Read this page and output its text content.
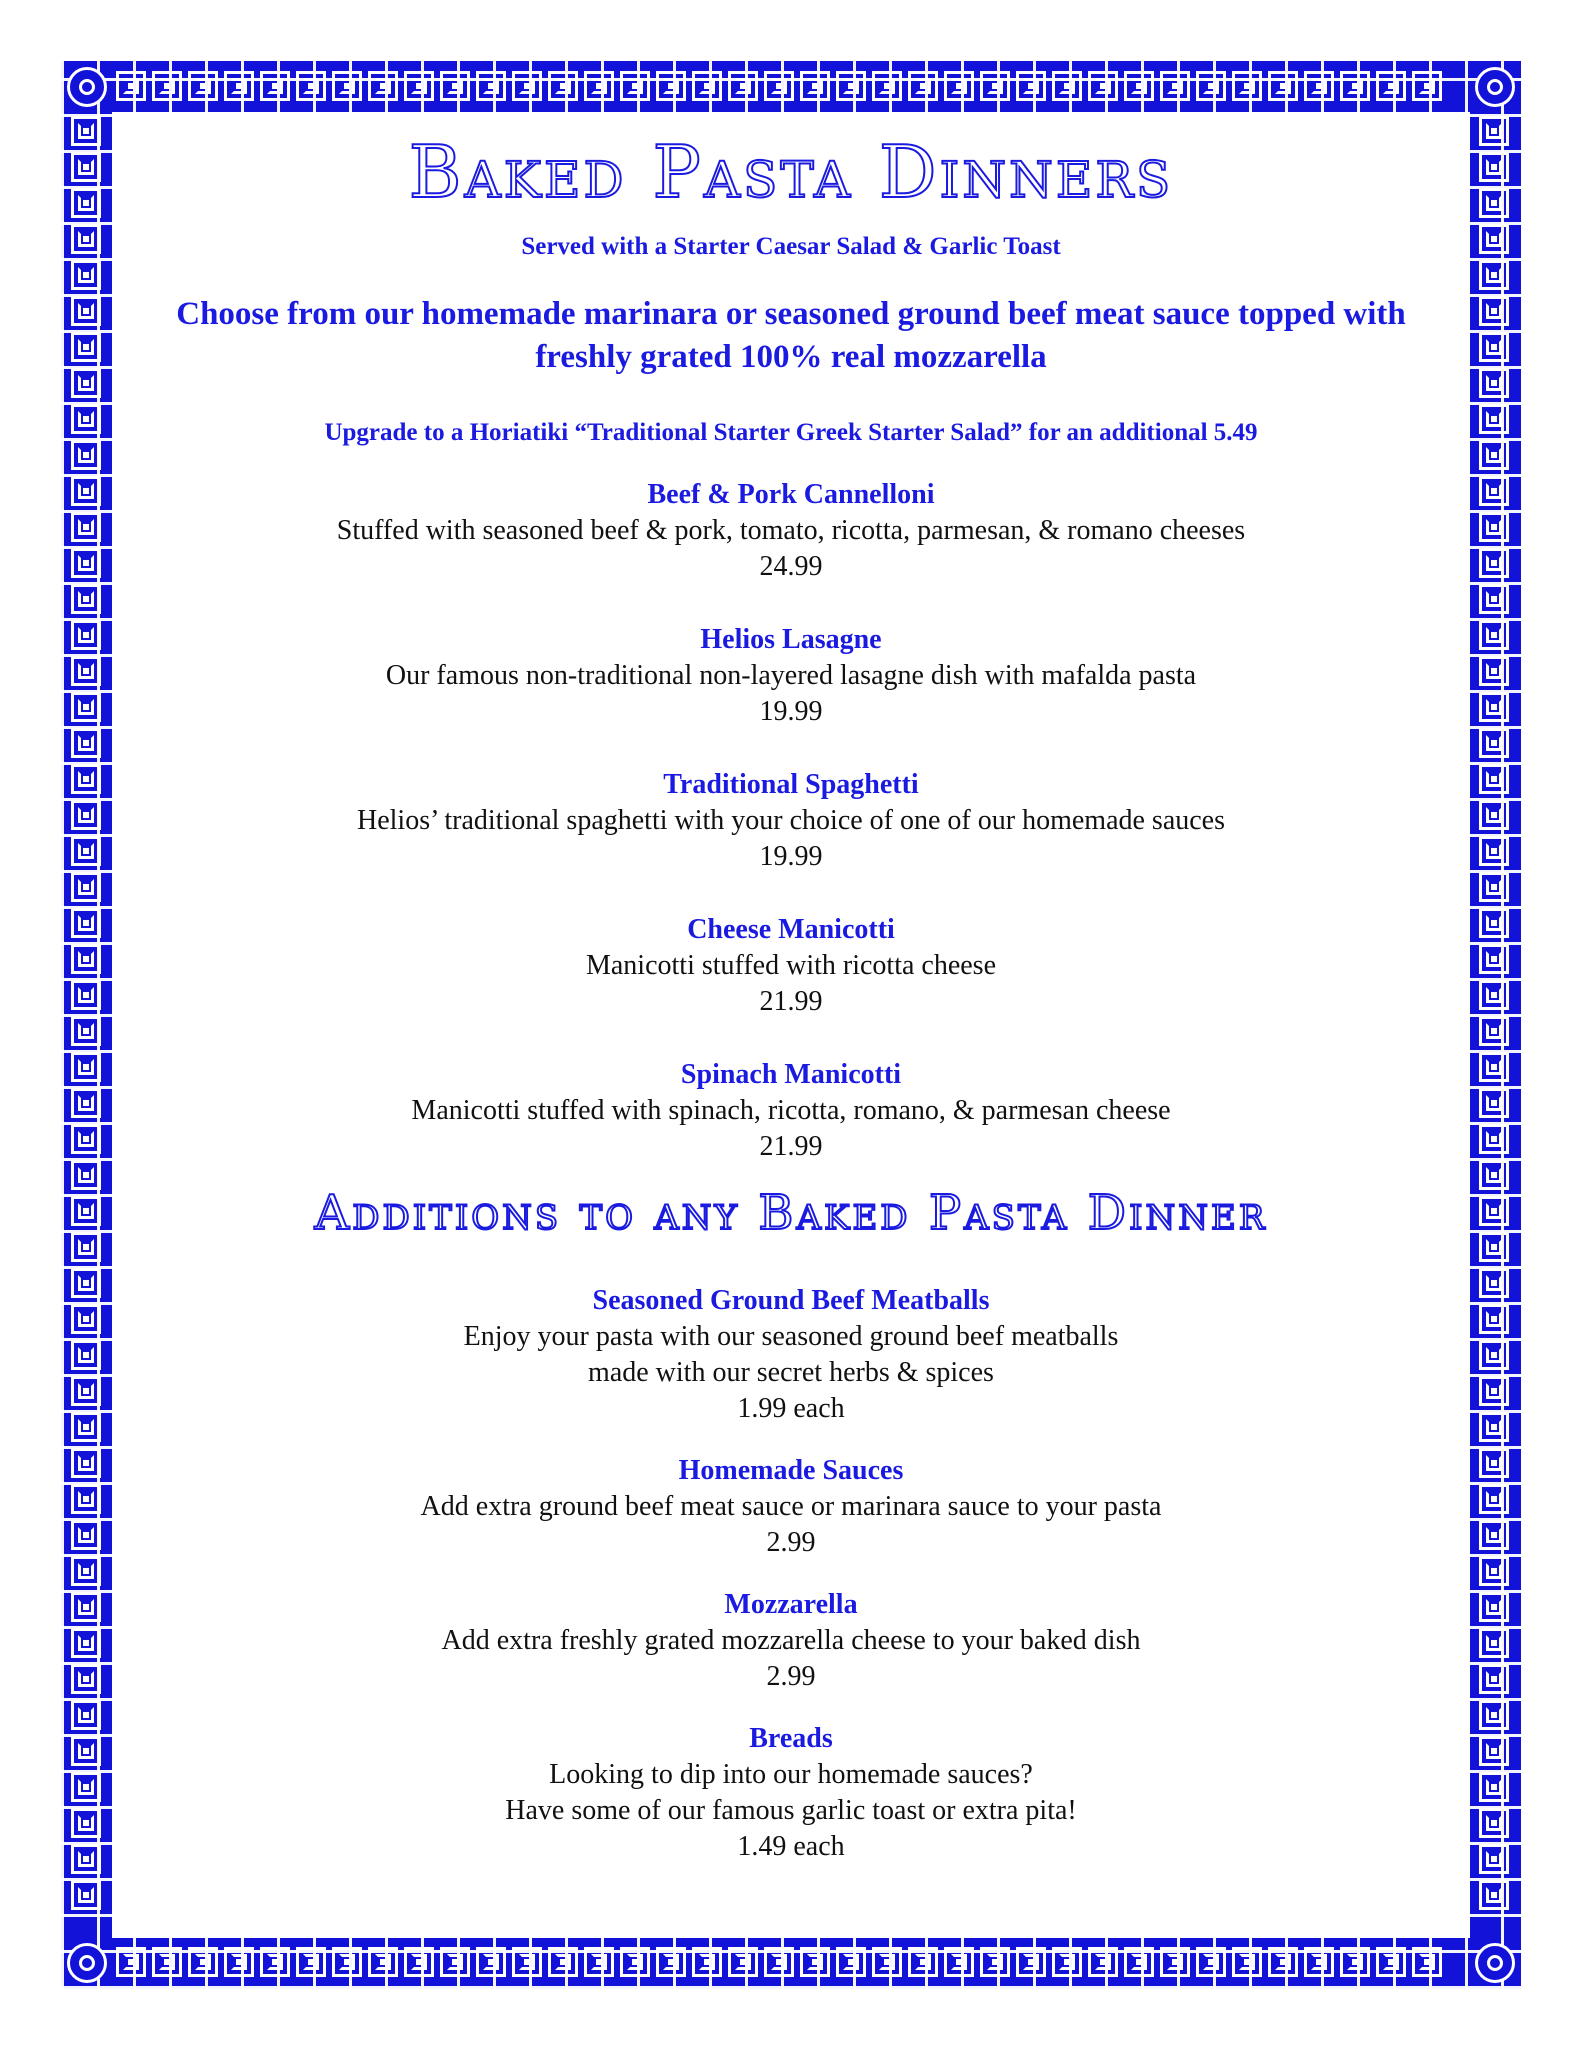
Baked Pasta Dinners
Served with a Starter Caesar Salad & Garlic Toast
Choose from our homemade marinara or seasoned ground beef meat sauce topped with freshly grated 100% real mozzarella
Upgrade to a Horiatiki “Traditional Starter Greek Starter Salad” for an additional 5.49
Beef & Pork Cannelloni
Stuffed with seasoned beef & pork, tomato, ricotta, parmesan, & romano cheeses
24.99
Helios Lasagne
Our famous non-traditional non-layered lasagne dish with mafalda pasta
19.99
Traditional Spaghetti
Helios’ traditional spaghetti with your choice of one of our homemade sauces
19.99
Cheese Manicotti
Manicotti stuffed with ricotta cheese
21.99
Spinach Manicotti
Manicotti stuffed with spinach, ricotta, romano, & parmesan cheese
21.99
Additions to any Baked Pasta Dinner
Seasoned Ground Beef Meatballs
Enjoy your pasta with our seasoned ground beef meatballs
made with our secret herbs & spices
1.99 each
Homemade Sauces
Add extra ground beef meat sauce or marinara sauce to your pasta
2.99
Mozzarella
Add extra freshly grated mozzarella cheese to your baked dish
2.99
Breads
Looking to dip into our homemade sauces?
Have some of our famous garlic toast or extra pita!
1.49 each
